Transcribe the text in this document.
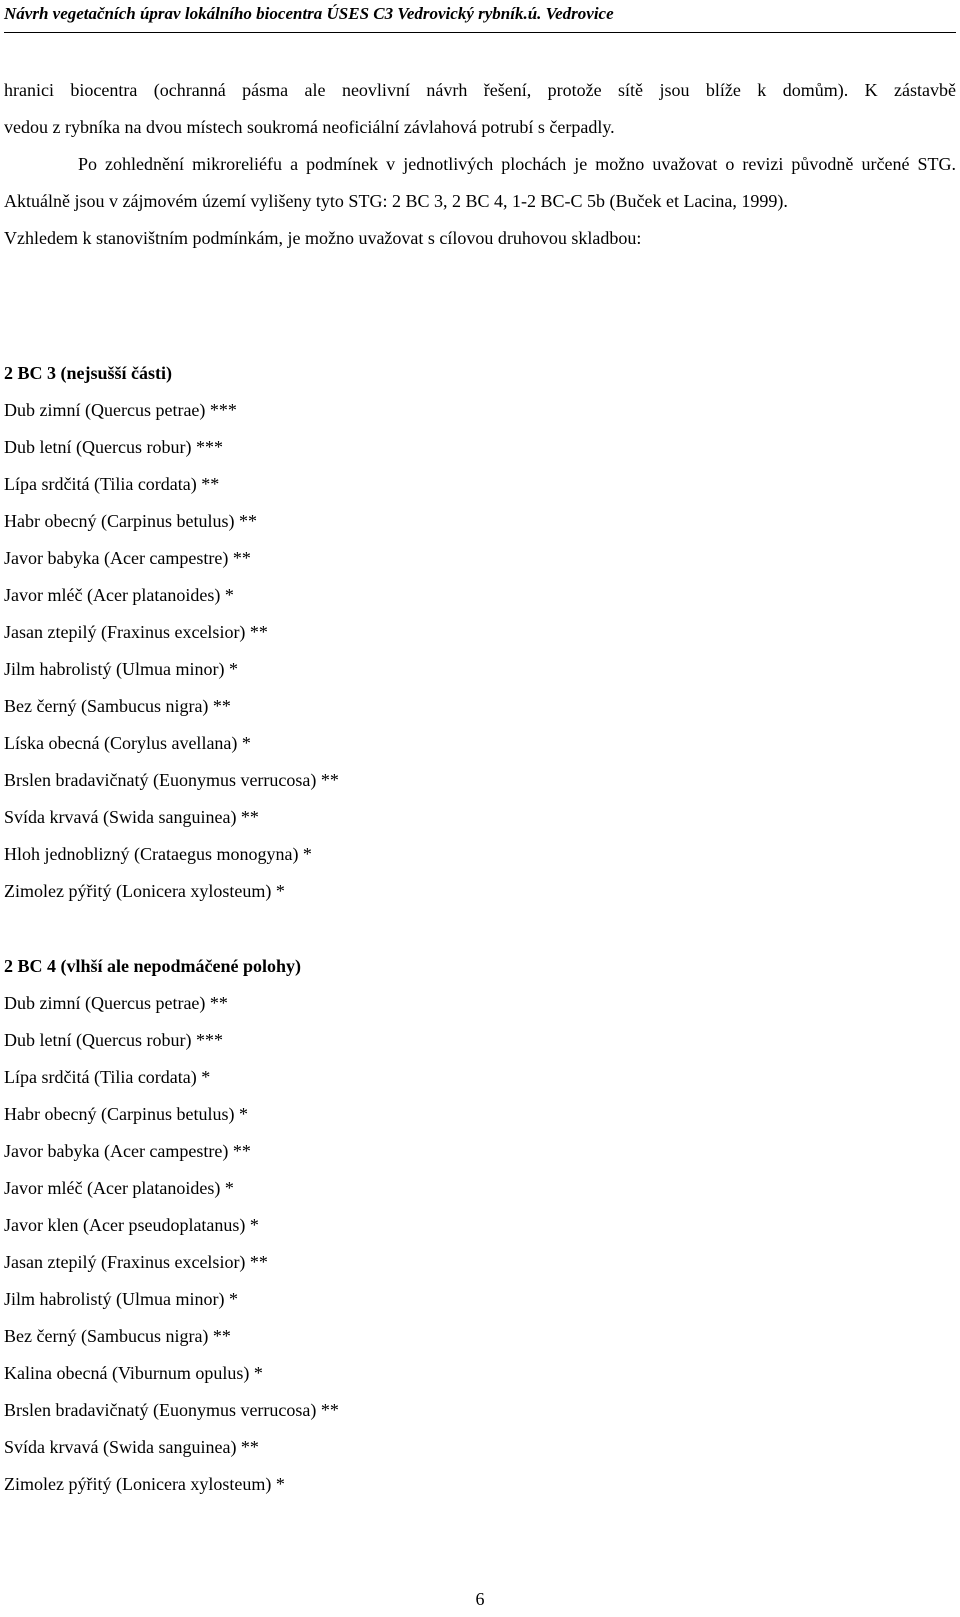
Návrh vegetačních úprav lokálního biocentra ÚSES C3 Vedrovický rybník.ú. Vedrovice

hranici biocentra (ochranná pásma ale neovlivní návrh řešení, protože sítě jsou blíže k domům). K zástavbě

vedou z rybníka na dvou místech soukromá neoficiální závlahová potrubí s čerpadly.

Po zohlednění mikroreliéfu a podmínek v jednotlivých plochách je možno uvažovat o revizi původně určené STG. Aktuálně jsou v zájmovém území vylišeny tyto STG: 2 BC 3, 2 BC 4, 1-2 BC-C 5b (Buček et Lacina, 1999).

Vzhledem k stanovištním podmínkám, je možno uvažovat s cílovou druhovou skladbou:

2 BC 3 (nejsušší části)

Dub zimní (Quercus petrae) ***
Dub letní (Quercus robur) ***
Lípa srdčitá (Tilia cordata) **
Habr obecný (Carpinus betulus) **
Javor babyka (Acer campestre) **
Javor mléč (Acer platanoides) *
Jasan ztepilý (Fraxinus excelsior) **
Jilm habrolistý (Ulmua minor) *
Bez černý (Sambucus nigra) **
Líska obecná (Corylus avellana) *
Brslen bradavičnatý (Euonymus verrucosa) **
Svída krvavá (Swida sanguinea) **
Hloh jednoblizný (Crataegus monogyna) *
Zimolez pýřitý (Lonicera xylosteum) *

2 BC 4 (vlhší ale nepodmáčené polohy)

Dub zimní (Quercus petrae) **
Dub letní (Quercus robur) ***
Lípa srdčitá (Tilia cordata) *
Habr obecný (Carpinus betulus) *
Javor babyka (Acer campestre) **
Javor mléč (Acer platanoides) *
Javor klen (Acer pseudoplatanus) *
Jasan ztepilý (Fraxinus excelsior) **
Jilm habrolistý (Ulmua minor) *
Bez černý (Sambucus nigra) **
Kalina obecná (Viburnum opulus) *
Brslen bradavičnatý (Euonymus verrucosa) **
Svída krvavá (Swida sanguinea) **
Zimolez pýřitý (Lonicera xylosteum) *
6
